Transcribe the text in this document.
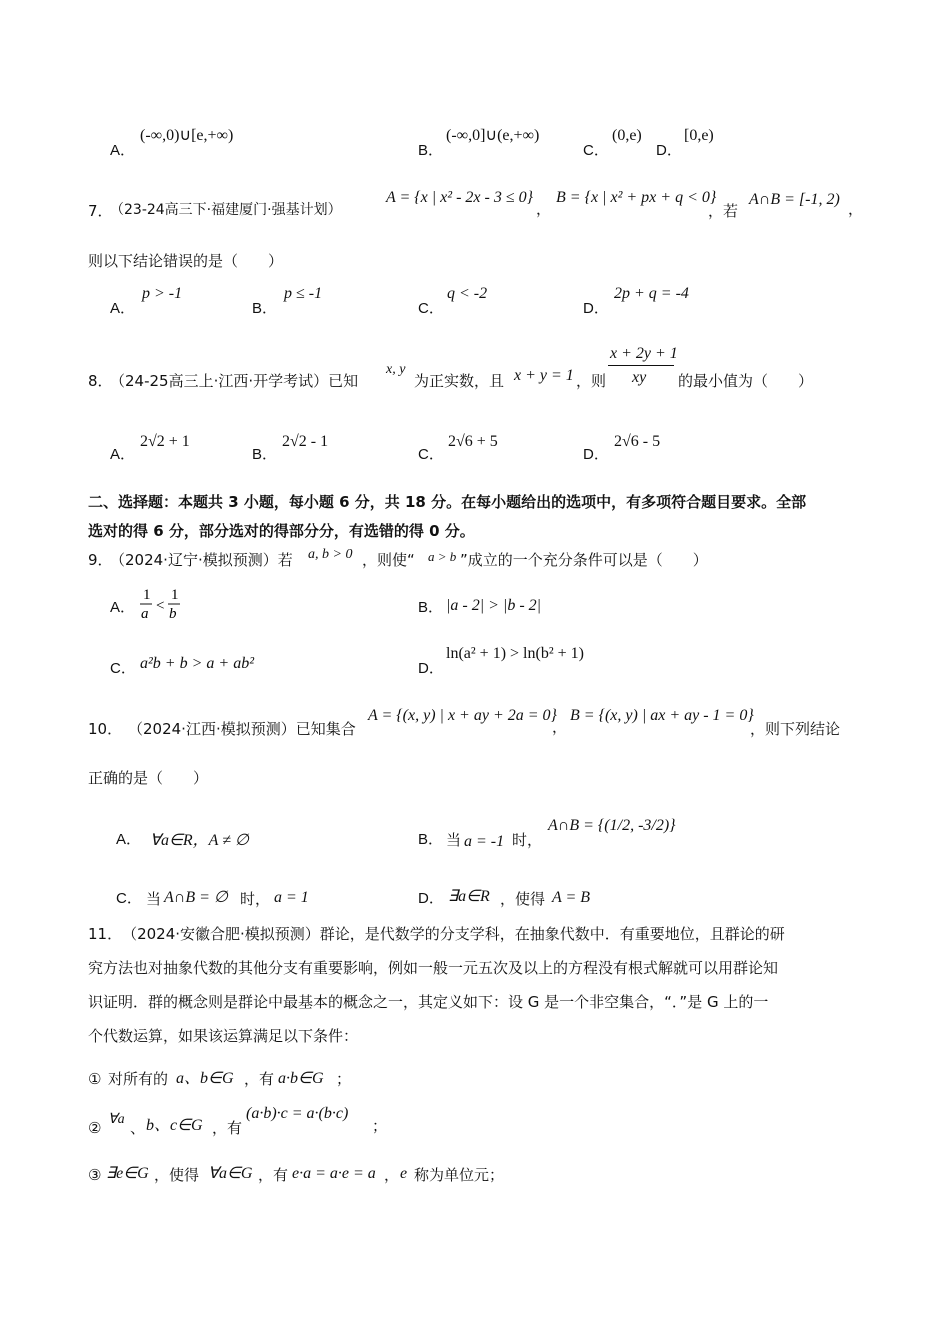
A．
(-∞,0)∪[e,+∞)
B．
(-∞,0]∪(e,+∞)
C．
(0,e)
D．
[0,e)
7．
（23-24高三下·福建厦门·强基计划）
A = {x | x² - 2x - 3 ≤ 0}
，
B = {x | x² + px + q < 0}
，若
A∩B = [-1, 2)
，
则以下结论错误的是（　　）
A．
p > -1
B．
p ≤ -1
C．
q < -2
D．
2p + q = -4
8．
（24-25高三上·江西·开学考试）已知
x, y
为正实数，且 x + y = 1 ，则
x + 2y + 1
xy 的最小值为（　　）
A．
2√2 + 1
B．
2√2 - 1
C．
2√6 + 5
D．
2√6 - 5
二、选择题：本题共 3 小题，每小题 6 分，共 18 分。在每小题给出的选项中，有多项符合题目要求。全部
选对的得 6 分，部分选对的得部分分，有选错的得 0 分。
9．
（2024·辽宁·模拟预测）若 a, b > 0 ，则使“ a > b ”成立的一个充分条件可以是（　　）
A．
1
a <
1
b	B． |a - 2| > |b - 2|
C． a²b + b > a + ab²	D．
ln(a² + 1) > ln(b² + 1)
10． （2024·江西·模拟预测）已知集合
A = {(x, y) | x + ay + 2a = 0}
，
B = {(x, y) | ax + ay - 1 = 0}
，则下列结论
正确的是（　　）
A． ∀a∈R，A ≠ ∅	B． 当 a = -1 时，
A∩B = {(1/2, -3/2)}
C． 当 A∩B = ∅ 时， a = 1	D． ∃a∈R ，使得 A = B
11．　（2024·安徽合肥·模拟预测）群论，是代数学的分支学科，在抽象代数中．有重要地位，且群论的研
究方法也对抽象代数的其他分支有重要影响，例如一般一元五次及以上的方程没有根式解就可以用群论知
识证明．群的概念则是群论中最基本的概念之一，其定义如下：设 G 是一个非空集合，“．”是 G 上的一
个代数运算，如果该运算满足以下条件：
① 对所有的 a、b∈G ，有 a·b∈G ；
② ∀a 、 b、c∈G ，有
(a·b)·c = a·(b·c)
；
③ ∃e∈G ，使得 ∀a∈G ，有 e·a = a·e = a ， e 称为单位元；
